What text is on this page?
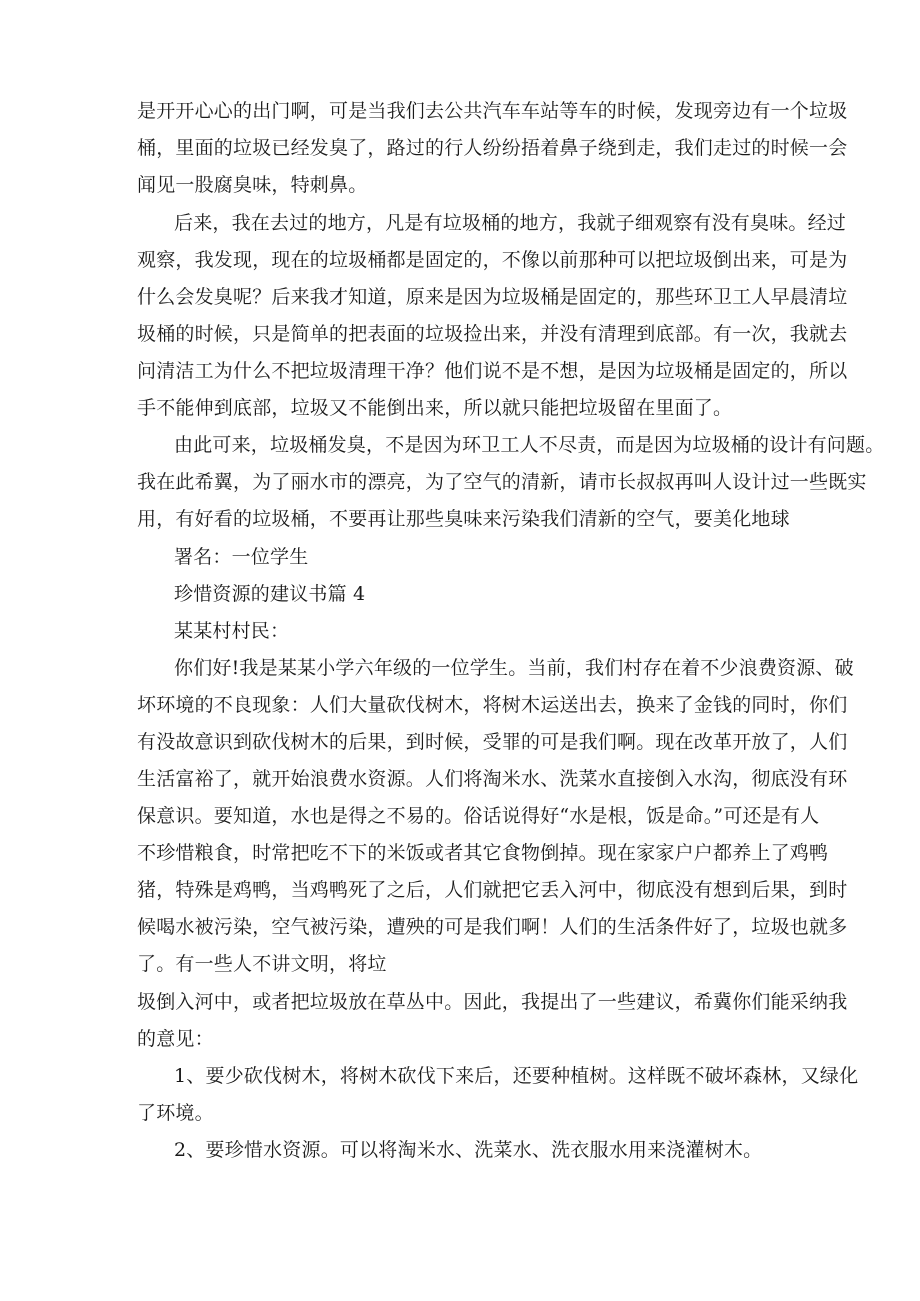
是开开心心的出门啊，可是当我们去公共汽车车站等车的时候，发现旁边有一个垃圾
桶，里面的垃圾已经发臭了，路过的行人纷纷捂着鼻子绕到走，我们走过的时候一会
闻见一股腐臭味，特刺鼻。
后来，我在去过的地方，凡是有垃圾桶的地方，我就子细观察有没有臭味。经过
观察，我发现，现在的垃圾桶都是固定的，不像以前那种可以把垃圾倒出来，可是为
什么会发臭呢？后来我才知道，原来是因为垃圾桶是固定的，那些环卫工人早晨清垃
圾桶的时候，只是简单的把表面的垃圾捡出来，并没有清理到底部。有一次，我就去
问清洁工为什么不把垃圾清理干净？他们说不是不想，是因为垃圾桶是固定的，所以
手不能伸到底部，垃圾又不能倒出来，所以就只能把垃圾留在里面了。
由此可来，垃圾桶发臭，不是因为环卫工人不尽责，而是因为垃圾桶的设计有问题。
我在此希翼，为了丽水市的漂亮，为了空气的清新，请市长叔叔再叫人设计过一些既实
用，有好看的垃圾桶，不要再让那些臭味来污染我们清新的空气，要美化地球
署名：一位学生
珍惜资源的建议书篇 4
某某村村民：
你们好!我是某某小学六年级的一位学生。当前，我们村存在着不少浪费资源、破
坏环境的不良现象：人们大量砍伐树木，将树木运送出去，换来了金钱的同时，你们
有没故意识到砍伐树木的后果，到时候，受罪的可是我们啊。现在改革开放了，人们
生活富裕了，就开始浪费水资源。人们将淘米水、洗菜水直接倒入水沟，彻底没有环
保意识。要知道，水也是得之不易的。俗话说得好“水是根，饭是命。”可还是有人
不珍惜粮食，时常把吃不下的米饭或者其它食物倒掉。现在家家户户都养上了鸡鸭
猪，特殊是鸡鸭，当鸡鸭死了之后，人们就把它丢入河中，彻底没有想到后果，到时
候喝水被污染，空气被污染，遭殃的可是我们啊！人们的生活条件好了，垃圾也就多
了。有一些人不讲文明，将垃
圾倒入河中，或者把垃圾放在草丛中。因此，我提出了一些建议，希冀你们能采纳我
的意见：
1、要少砍伐树木，将树木砍伐下来后，还要种植树。这样既不破坏森林，又绿化
了环境。
2、要珍惜水资源。可以将淘米水、洗菜水、洗衣服水用来浇灌树木。
